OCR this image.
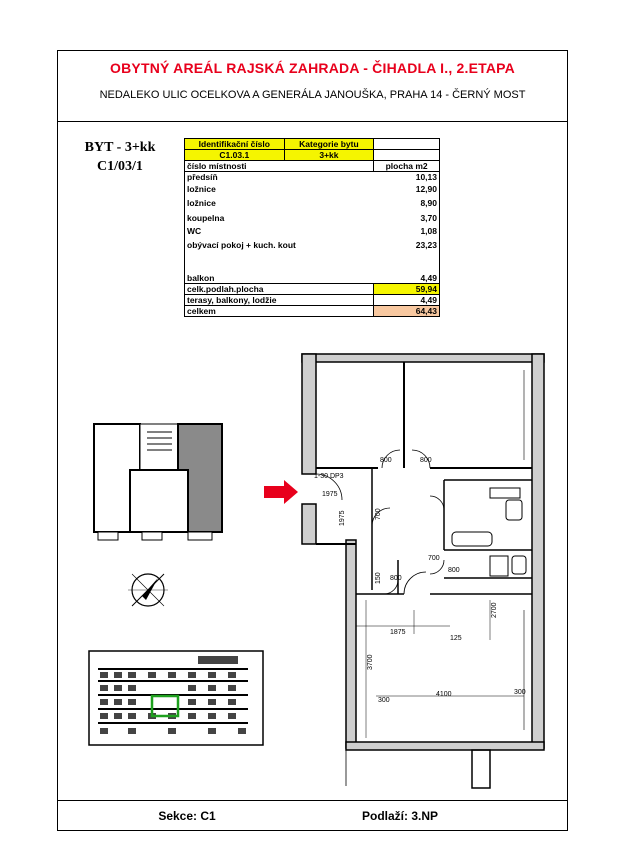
OBYTNÝ AREÁL RAJSKÁ ZAHRADA - ČIHADLA I., 2.ETAPA
NEDALEKO ULIC OCELKOVA A GENERÁLA JANOUŠKA, PRAHA 14 - ČERNÝ MOST
BYT - 3+kk
C1/03/1
Identifikační číslo	Kategorie bytu	
C1.03.1	3+kk	
číslo místnosti		plocha m2
předsíň		10,13
ložnice		12,90
ložnice		8,90
koupelna		3,70
WC		1,08
obývací pokoj + kuch. kout		23,23

balkon		4,49
celk.podlah.plocha		59,94
terasy, balkony, lodžie		4,49
celkem		64,43
1875
125
4100
300
300
1-30 DP3
1975
800
700
800	800
800
3700
2700
700
1975
150
Sekce: C1	Podlaží: 3.NP
